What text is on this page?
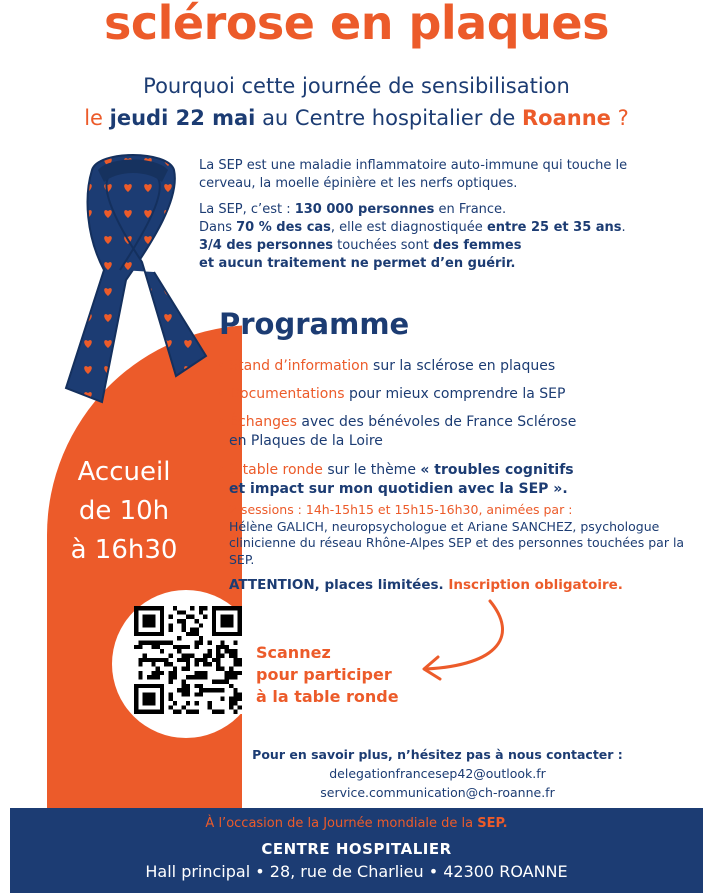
sclérose en plaques
Pourquoi cette journée de sensibilisation
le jeudi 22 mai au Centre hospitalier de Roanne ?

La SEP est une maladie inflammatoire auto-immune qui touche le cerveau, la moelle épinière et les nerfs optiques.

La SEP, c’est : 130 000 personnes en France.
Dans 70 % des cas, elle est diagnostiquée entre 25 et 35 ans.
3/4 des personnes touchées sont des femmes
et aucun traitement ne permet d’en guérir.

Programme
• Stand d’information sur la sclérose en plaques
• Documentations pour mieux comprendre la SEP
• Échanges avec des bénévoles de France Sclérose
en Plaques de la Loire
• 1 table ronde sur le thème « troubles cognitifs
et impact sur mon quotidien avec la SEP ».
2 sessions : 14h-15h15 et 15h15-16h30, animées par :
Hélène GALICH, neuropsychologue et Ariane SANCHEZ, psychologue clinicienne du réseau Rhône-Alpes SEP et des personnes touchées par la SEP.
ATTENTION, places limitées. Inscription obligatoire.
Accueil
de 10h
à 16h30
Scannez
pour participer
à la table ronde
Pour en savoir plus, n’hésitez pas à nous contacter :
delegationfrancesep42@outlook.fr
service.communication@ch-roanne.fr
À l’occasion de la Journée mondiale de la SEP.
CENTRE HOSPITALIER
Hall principal • 28, rue de Charlieu • 42300 ROANNE
